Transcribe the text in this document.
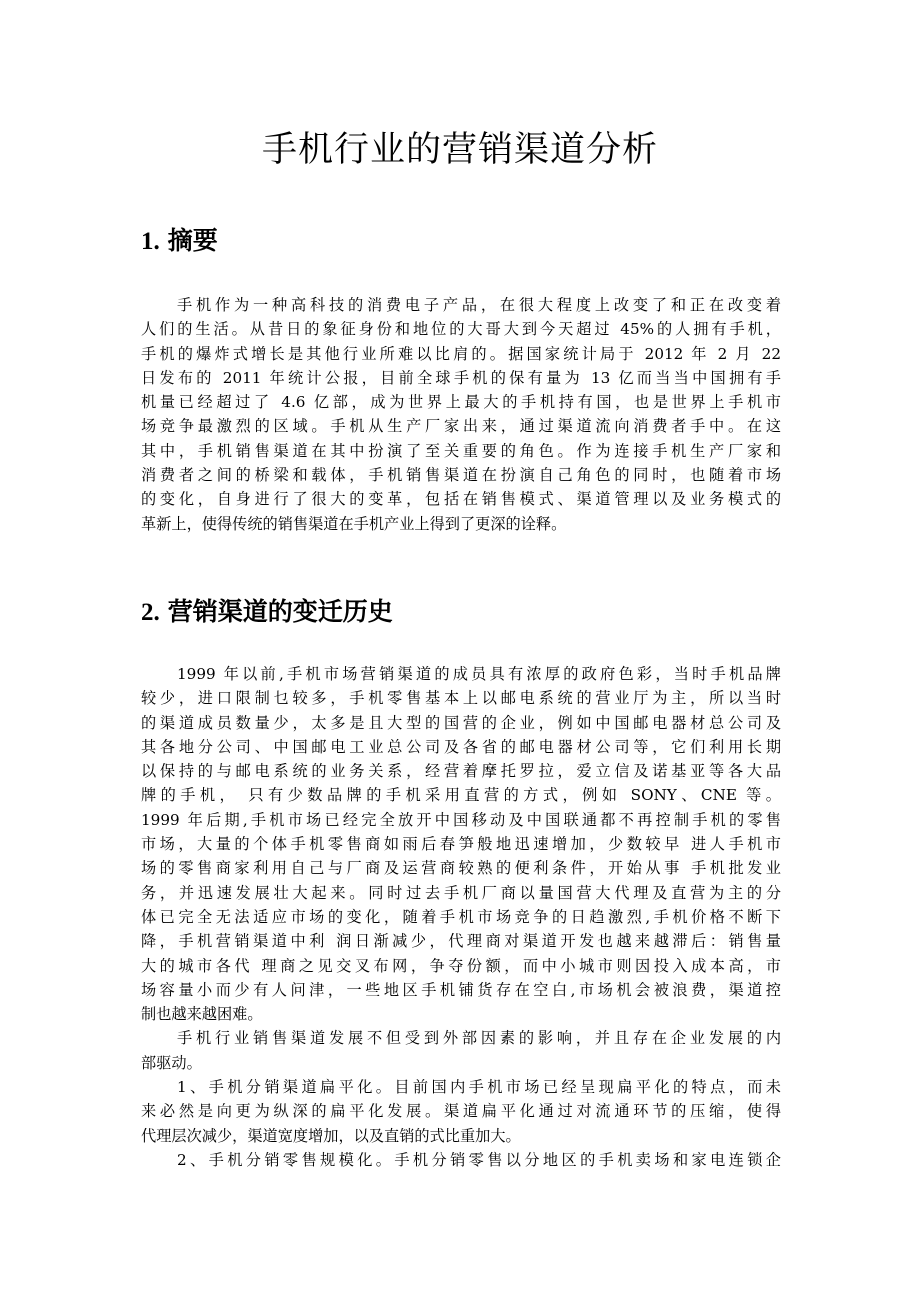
手机行业的营销渠道分析
1. 摘要
手机作为一种高科技的消费电子产品，在很大程度上改变了和正在改变着
人们的生活。从昔日的象征身份和地位的大哥大到今天超过 45%的人拥有手机，
手机的爆炸式增长是其他行业所难以比肩的。据国家统计局于 2012 年 2 月 22
日发布的 2011 年统计公报，目前全球手机的保有量为 13 亿而当当中国拥有手
机量已经超过了 4.6 亿部，成为世界上最大的手机持有国，也是世界上手机市
场竞争最激烈的区域。手机从生产厂家出来，通过渠道流向消费者手中。在这
其中，手机销售渠道在其中扮演了至关重要的角色。作为连接手机生产厂家和
消费者之间的桥梁和载体，手机销售渠道在扮演自己角色的同时，也随着市场
的变化，自身进行了很大的变革，包括在销售模式、渠道管理以及业务模式的
革新上，使得传统的销售渠道在手机产业上得到了更深的诠释。
2. 营销渠道的变迁历史
1999 年以前,手机市场营销渠道的成员具有浓厚的政府色彩，当时手机品牌
较少，进口限制乜较多，手机零售基本上以邮电系统的营业厅为主，所以当时
的渠道成员数量少，太多是且大型的国营的企业，例如中国邮电器材总公司及
其各地分公司、中国邮电工业总公司及各省的邮电器材公司等，它们利用长期
以保持的与邮电系统的业务关系，经营着摩托罗拉，爱立信及诺基亚等各大品
牌的手机， 只有少数品牌的手机采用直营的方式，例如 SONY、CNE 等。
1999 年后期,手机市场已经完全放开中国移动及中国联通都不再控制手机的零售
市场，大量的个体手机零售商如雨后春笋般地迅速增加，少数较早 进人手机市
场的零售商家利用自己与厂商及运营商较熟的便利条件，开始从事 手机批发业
务，并迅速发展壮大起来。同时过去手机厂商以量国营大代理及直营为主的分
体已完全无法适应市场的变化，随着手机市场竞争的日趋激烈,手机价格不断下
降，手机营销渠道中利 润日渐减少，代理商对渠道开发也越来越滞后：销售量
大的城市各代 理商之见交叉布网，争夺份额，而中小城市则因投入成本高，市
场容量小而少有人问津，一些地区手机铺货存在空白,市场机会被浪费，渠道控
制也越来越困难。
手机行业销售渠道发展不但受到外部因素的影响，并且存在企业发展的内
部驱动。
1、手机分销渠道扁平化。目前国内手机市场已经呈现扁平化的特点，而未
来必然是向更为纵深的扁平化发展。渠道扁平化通过对流通环节的压缩，使得
代理层次减少，渠道宽度增加，以及直销的式比重加大。
2、手机分销零售规模化。手机分销零售以分地区的手机卖场和家电连锁企
